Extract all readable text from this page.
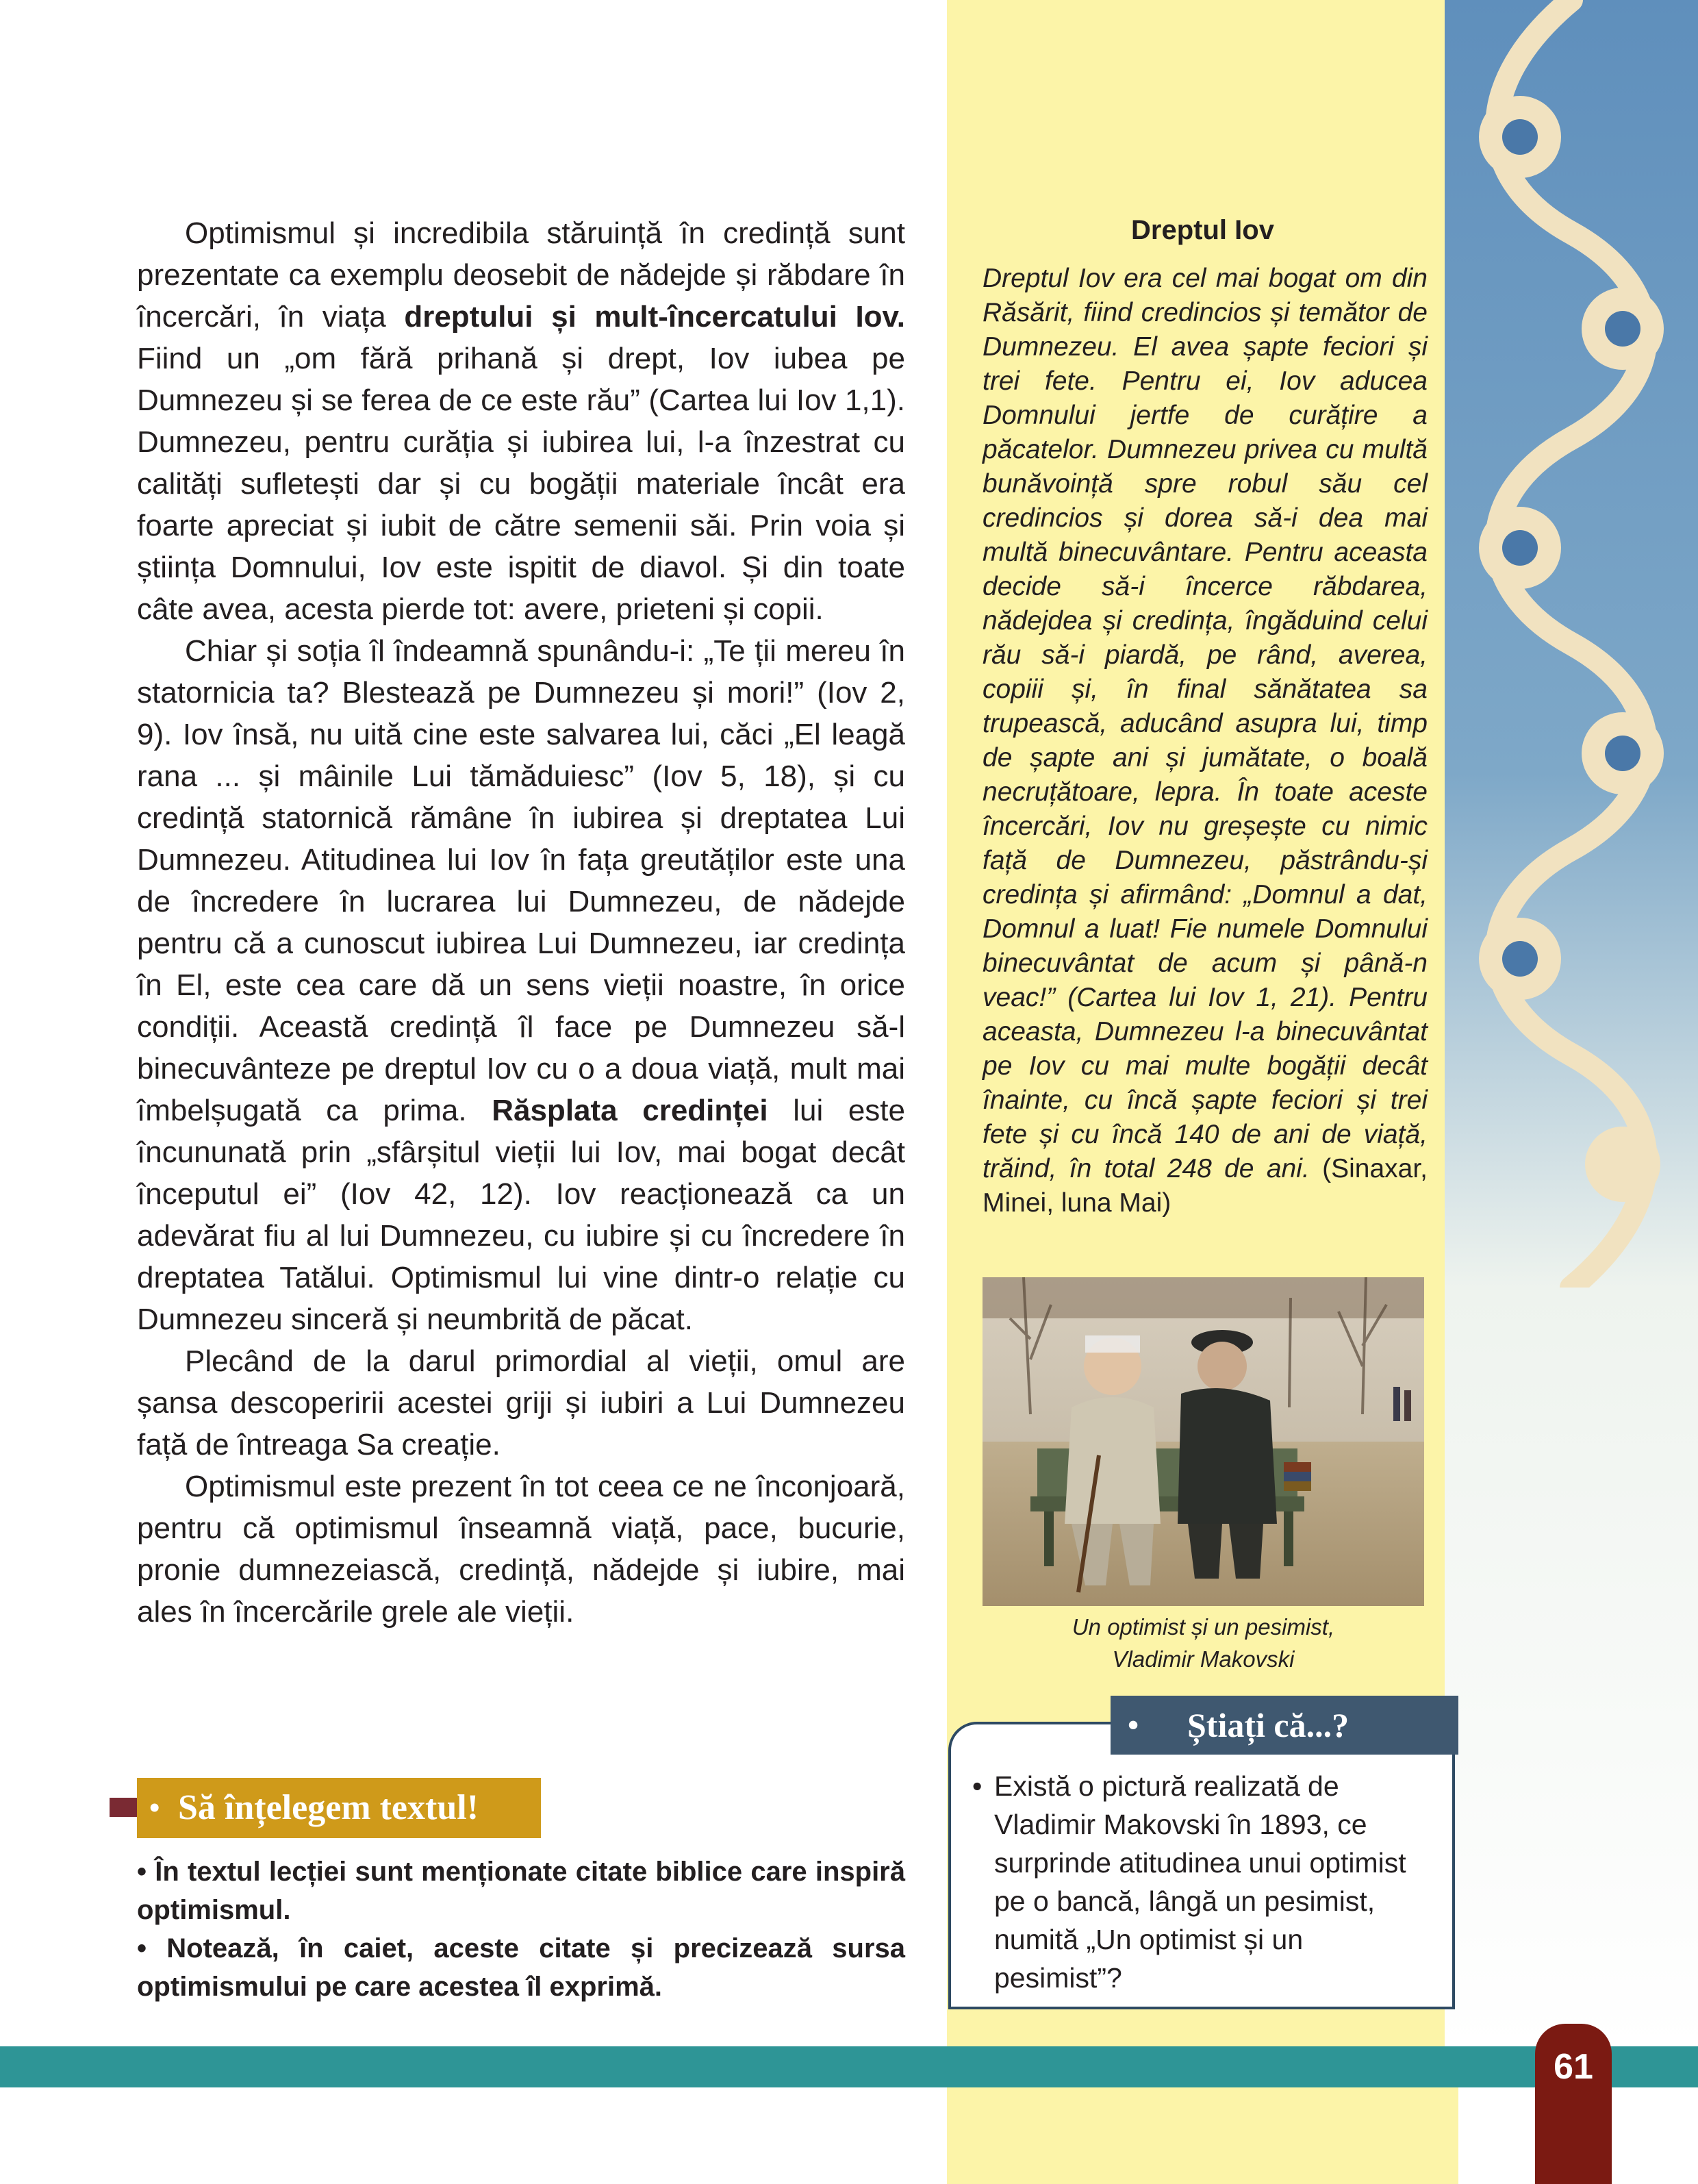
Optimismul și incredibila stăruință în credință sunt prezentate ca exemplu deosebit de nădejde și răbdare în încercări, în viața dreptului și mult-încercatului Iov. Fiind un „om fără prihană și drept, Iov iubea pe Dumnezeu și se ferea de ce este rău” (Cartea lui Iov 1,1). Dumnezeu, pentru curăția și iubirea lui, l-a înzestrat cu calități sufletești dar și cu bogății materiale încât era foarte apreciat și iubit de către semenii săi. Prin voia și știința Domnului, Iov este ispitit de diavol. Și din toate câte avea, acesta pierde tot: avere, prieteni și copii.

Chiar și soția îl îndeamnă spunându-i: „Te ții mereu în statornicia ta? Blestează pe Dumnezeu și mori!” (Iov 2, 9). Iov însă, nu uită cine este salvarea lui, căci „El leagă rana ... și mâinile Lui tămăduiesc” (Iov 5, 18), și cu credință statornică rămâne în iubirea și dreptatea Lui Dumnezeu. Atitudinea lui Iov în fața greutăților este una de încredere în lucrarea lui Dumnezeu, de nădejde pentru că a cunoscut iubirea Lui Dumnezeu, iar credința în El, este cea care dă un sens vieții noastre, în orice condiții. Această credință îl face pe Dumnezeu să-l binecuvânteze pe dreptul Iov cu o a doua viață, mult mai îmbelșugată ca prima. Răsplata credinței lui este încununată prin „sfârșitul vieții lui Iov, mai bogat decât începutul ei” (Iov 42, 12). Iov reacționează ca un adevărat fiu al lui Dumnezeu, cu iubire și cu încredere în dreptatea Tatălui. Optimismul lui vine dintr-o relație cu Dumnezeu sinceră și neumbrită de păcat.

Plecând de la darul primordial al vieții, omul are șansa descoperirii acestei griji și iubiri a Lui Dumnezeu față de întreaga Sa creație.

Optimismul este prezent în tot ceea ce ne înconjoară, pentru că optimismul înseamnă viață, pace, bucurie, pronie dumnezeiască, credință, nădejde și iubire, mai ales în încercările grele ale vieții.

Dreptul Iov
Dreptul Iov era cel mai bogat om din Răsărit, fiind credincios și temător de Dumnezeu. El avea șapte feciori și trei fete. Pentru ei, Iov aducea Domnului jertfe de curățire a păcatelor. Dumnezeu privea cu multă bunăvoință spre robul său cel credincios și dorea să-i dea mai multă binecuvântare. Pentru aceasta decide să-i încerce răbdarea, nădejdea și credința, îngăduind celui rău să-i piardă, pe rând, averea, copiii și, în final sănătatea sa trupească, aducând asupra lui, timp de șapte ani și jumătate, o boală necruțătoare, lepra. În toate aceste încercări, Iov nu greșește cu nimic față de Dumnezeu, păstrându-și credința și afirmând: „Domnul a dat, Domnul a luat! Fie numele Domnului binecuvântat de acum și până-n veac!” (Cartea lui Iov 1, 21). Pentru aceasta, Dumnezeu l-a binecuvântat pe Iov cu mai multe bogății decât înainte, cu încă șapte feciori și trei fete și cu încă 140 de ani de viață, trăind, în total 248 de ani. (Sinaxar, Minei, luna Mai)
Un optimist și un pesimist,
Vladimir Makovski
• Știați că...?
• Există o pictură realizată de Vladimir Makovski în 1893, ce surprinde atitudinea unui optimist pe o bancă, lângă un pesimist, numită „Un optimist și un pesimist”?
• Să înțelegem textul!

• În textul lecției sunt menționate citate biblice care inspiră optimismul.

• Notează, în caiet, aceste citate și precizează sursa optimismului pe care acestea îl exprimă.

61
